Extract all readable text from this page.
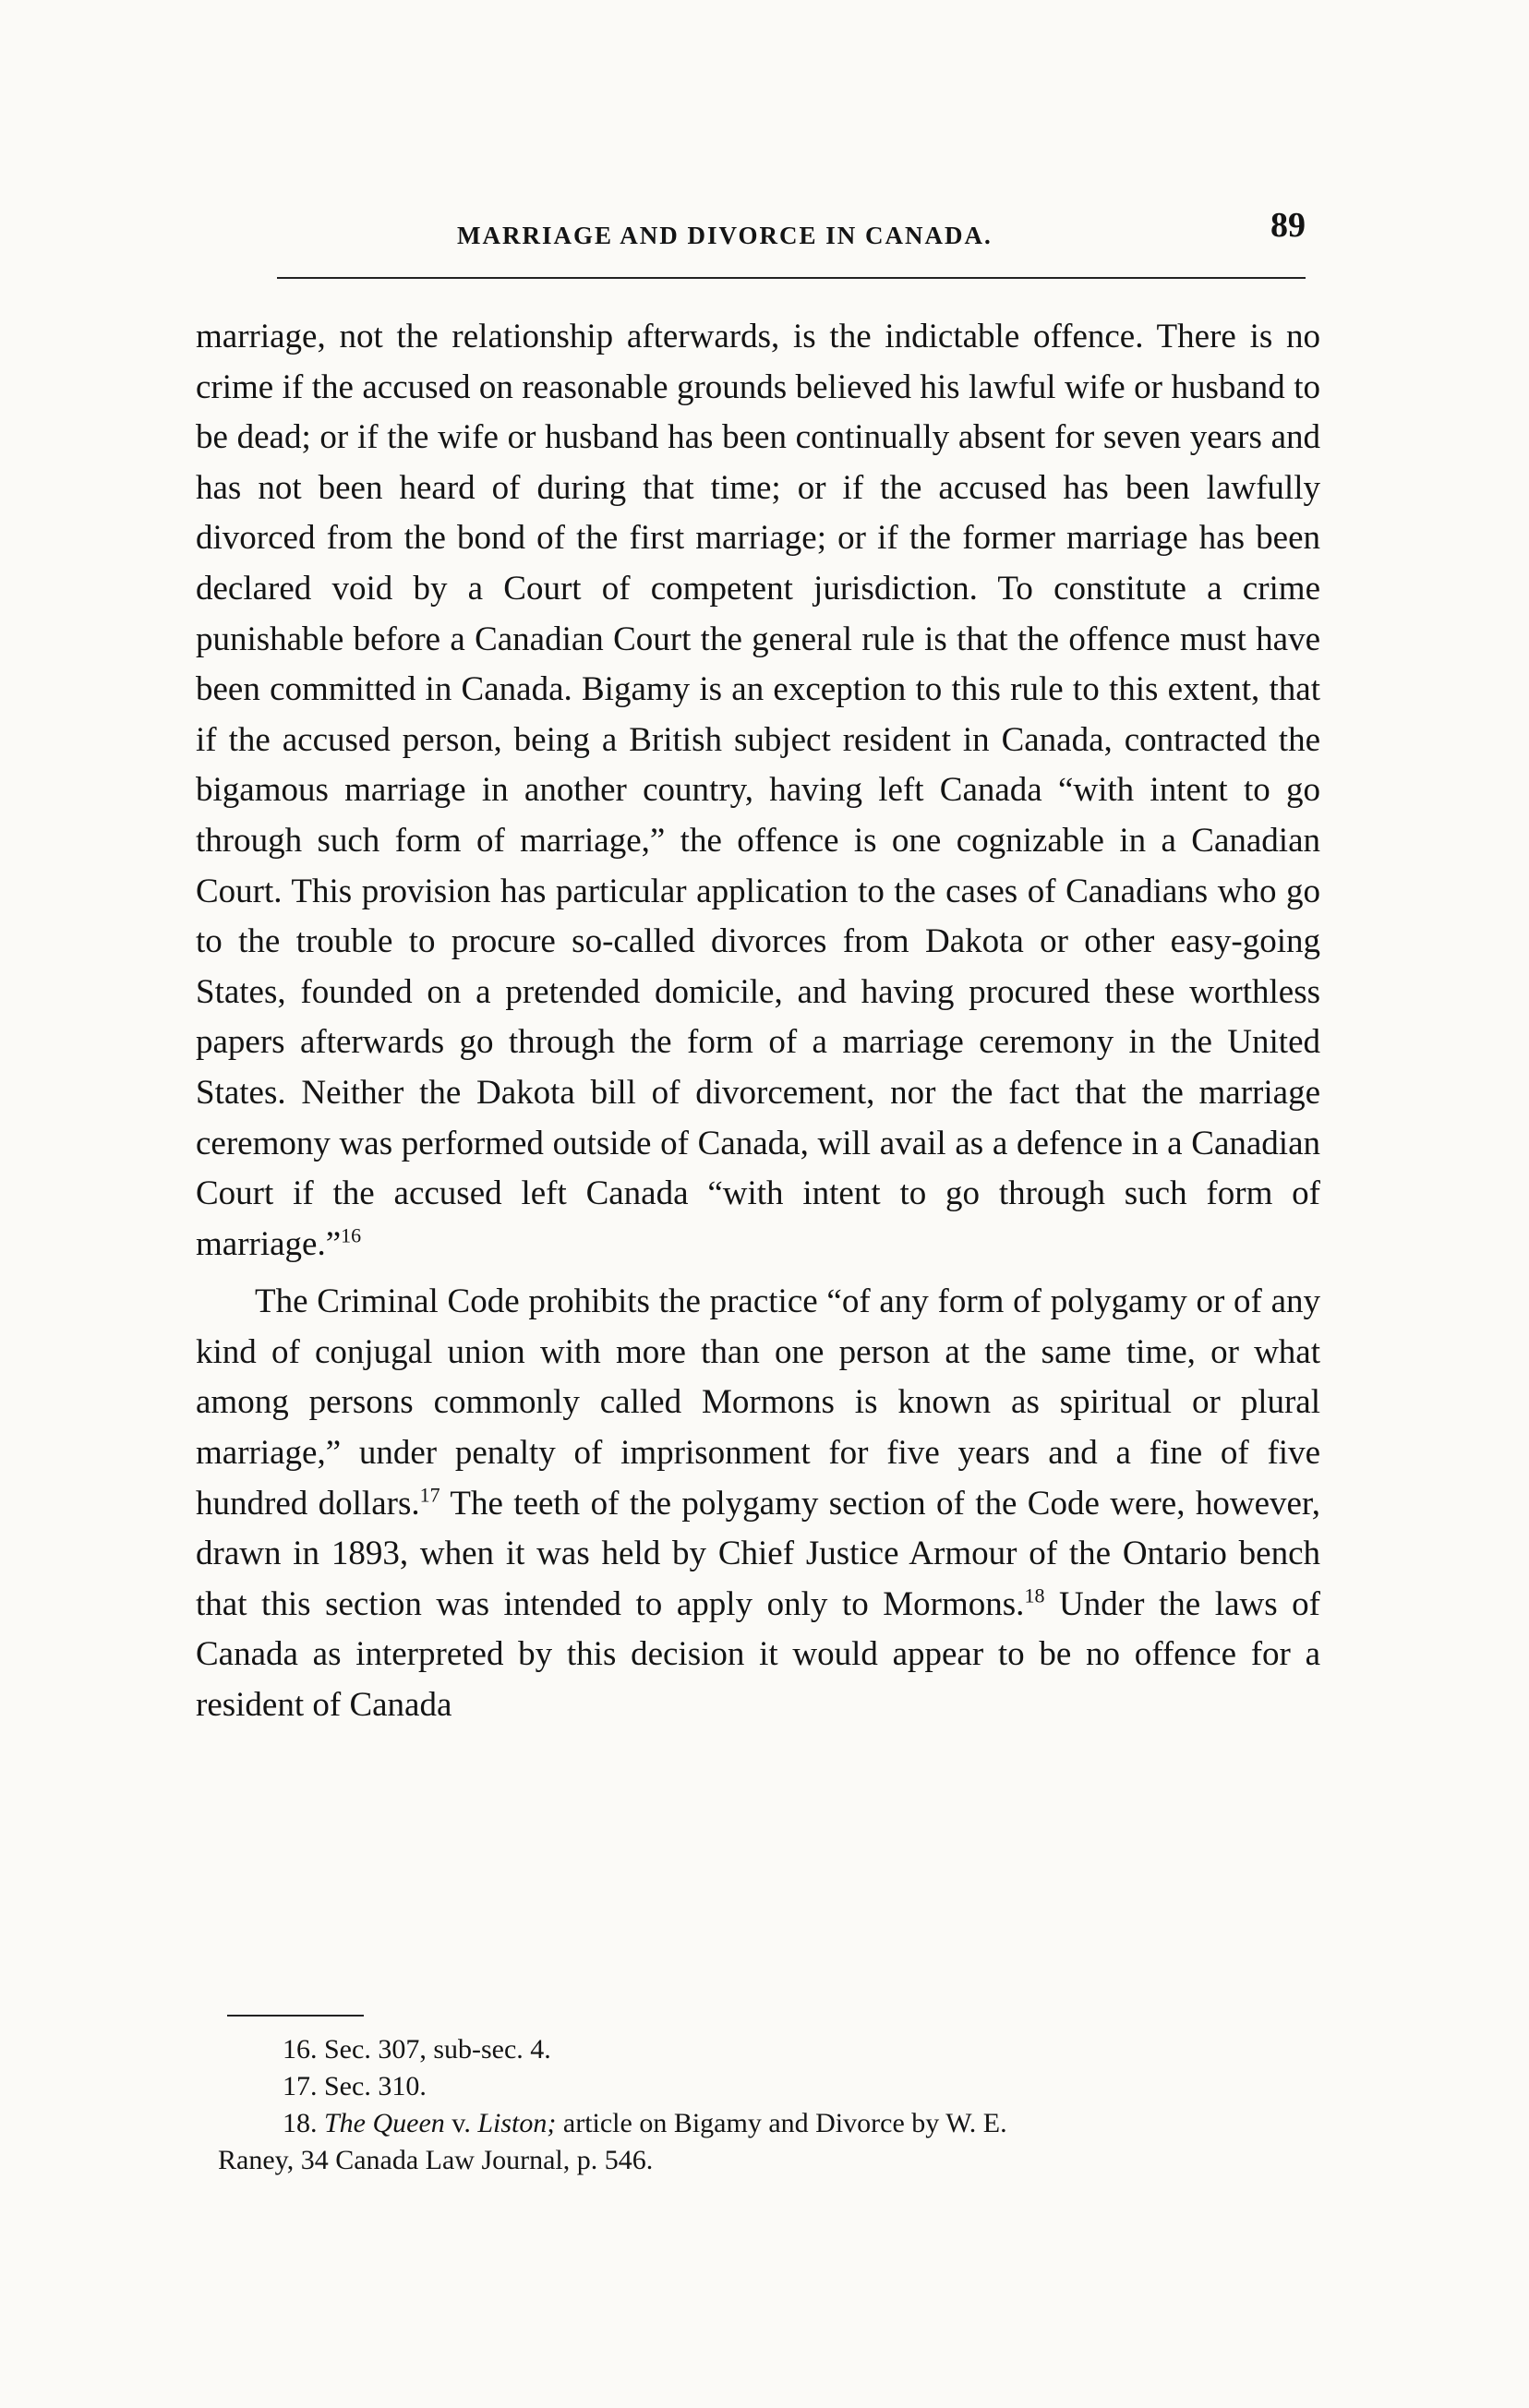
MARRIAGE AND DIVORCE IN CANADA.	89

marriage, not the relationship afterwards, is the indictable offence. There is no crime if the accused on reasonable grounds believed his lawful wife or husband to be dead; or if the wife or husband has been continually absent for seven years and has not been heard of during that time; or if the accused has been lawfully divorced from the bond of the first marriage; or if the former marriage has been declared void by a Court of competent jurisdiction. To constitute a crime punishable before a Canadian Court the general rule is that the offence must have been committed in Canada. Bigamy is an exception to this rule to this extent, that if the accused person, being a British subject resident in Canada, contracted the bigamous marriage in another country, having left Canada “with intent to go through such form of marriage,” the offence is one cognizable in a Canadian Court. This provision has particular application to the cases of Canadians who go to the trouble to procure so-called divorces from Dakota or other easy-going States, founded on a pretended domicile, and having procured these worthless papers afterwards go through the form of a marriage ceremony in the United States. Neither the Dakota bill of divorcement, nor the fact that the marriage ceremony was performed outside of Canada, will avail as a defence in a Canadian Court if the accused left Canada “with intent to go through such form of marriage.”$^{16}$

The Criminal Code prohibits the practice “of any form of polygamy or of any kind of conjugal union with more than one person at the same time, or what among persons commonly called Mormons is known as spiritual or plural marriage,” under penalty of imprisonment for five years and a fine of five hundred dollars.$^{17}$ The teeth of the polygamy section of the Code were, however, drawn in 1893, when it was held by Chief Justice Armour of the Ontario bench that this section was intended to apply only to Mormons.$^{18}$ Under the laws of Canada as interpreted by this decision it would appear to be no offence for a resident of Canada

16. Sec. 307, sub-sec. 4.

17. Sec. 310.

18. The Queen v. Liston; article on Bigamy and Divorce by W. E.

Raney, 34 Canada Law Journal, p. 546.
